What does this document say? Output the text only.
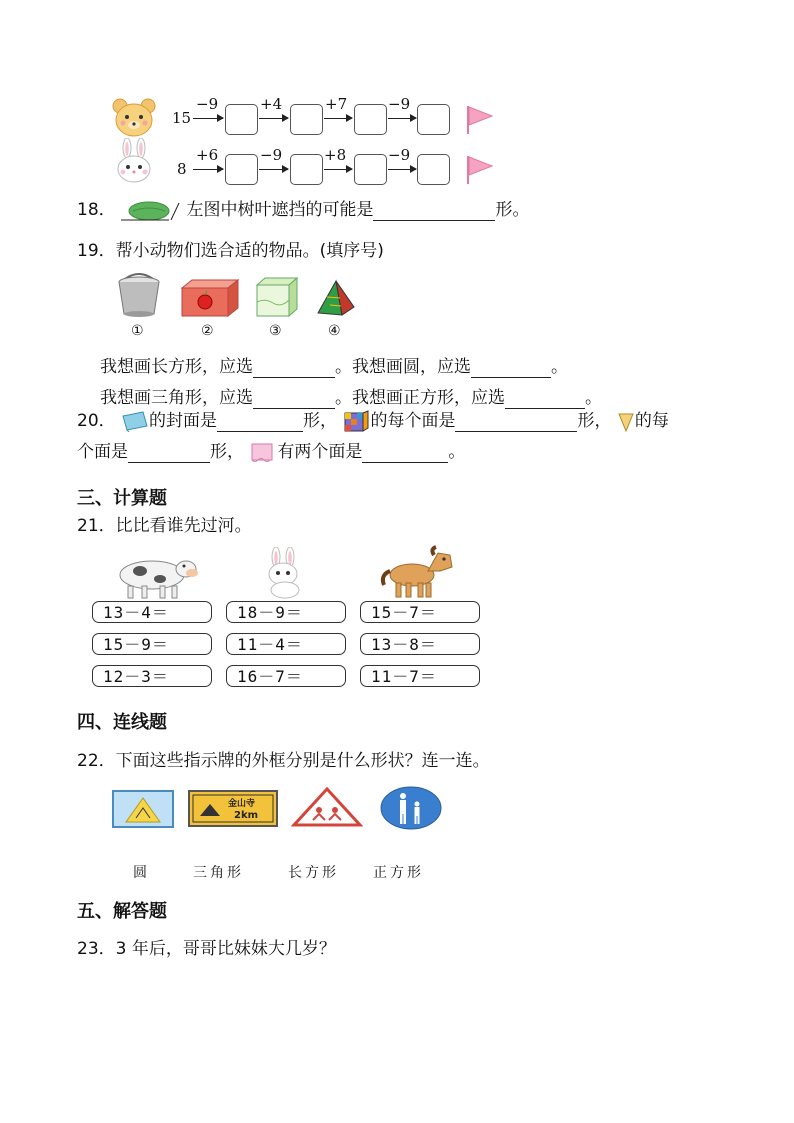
15
−9	+4	+7	−9
8
+6	−9	+8	−9
18．	左图中树叶遮挡的可能是	形。
19．帮小动物们选合适的物品。(填序号)
①	②	③	④
我想画长方形，应选	。我想画圆，应选	。
我想画三角形，应选	。我想画正方形，应选	。
20． 的封面是	形， 的每个面是	形， 的每
个面是	形， 有两个面是	。
三、计算题
21．比比看谁先过河。
13－4＝
15－9＝
12－3＝
18－9＝
11－4＝
16－7＝
15－7＝
13－8＝
11－7＝
四、连线题
22．下面这些指示牌的外框分别是什么形状？连一连。
金山寺
2km
圆	三角形	长方形 正方形
五、解答题
23．3 年后，哥哥比妹妹大几岁？
